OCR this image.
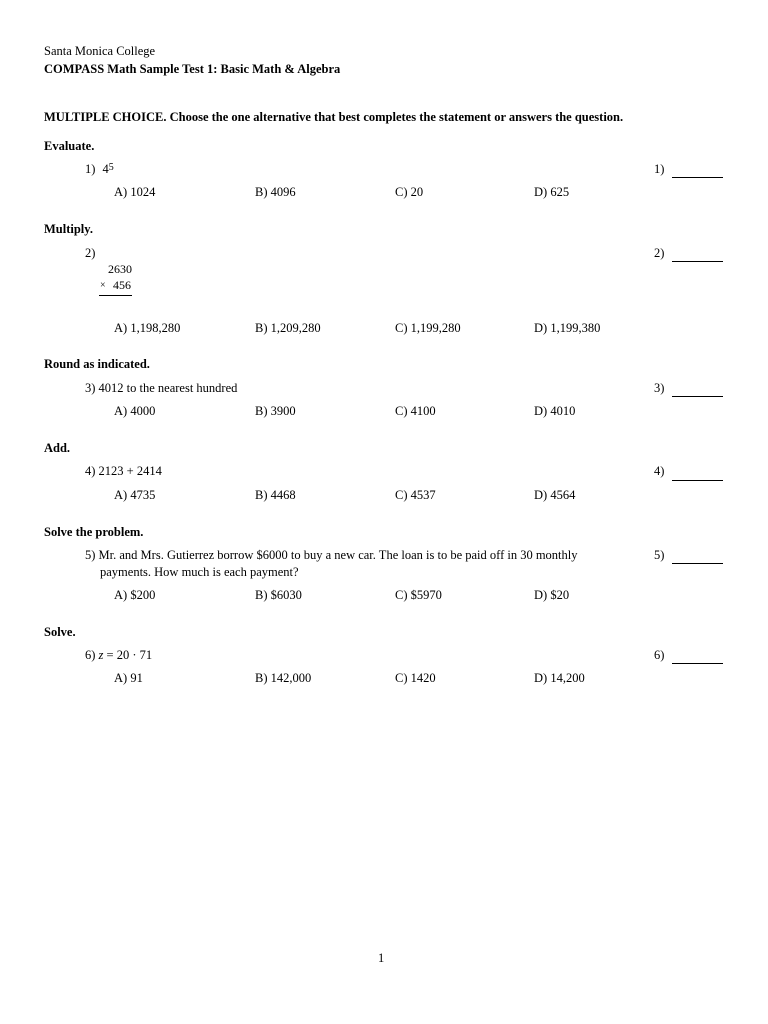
Santa Monica College
COMPASS Math Sample Test 1: Basic Math & Algebra
MULTIPLE CHOICE. Choose the one alternative that best completes the statement or answers the question.
Evaluate.
1) $4^5$	1)
A) 1024	B) 4096	C) 20	D) 625
Multiply.
2)	2)
2630
× 456
A) 1,198,280	B) 1,209,280	C) 1,199,280	D) 1,199,380
Round as indicated.
3) 4012 to the nearest hundred	3)
A) 4000	B) 3900	C) 4100	D) 4010
Add.
4) 2123 + 2414	4)
A) 4735	B) 4468	C) 4537	D) 4564
Solve the problem.
5) Mr. and Mrs. Gutierrez borrow $6000 to buy a new car. The loan is to be paid off in 30 monthly
payments. How much is each payment?
5)
A) $200	B) $6030	C) $5970	D) $20
Solve.
6) z = 20 · 71	6)
A) 91	B) 142,000	C) 1420	D) 14,200
1
